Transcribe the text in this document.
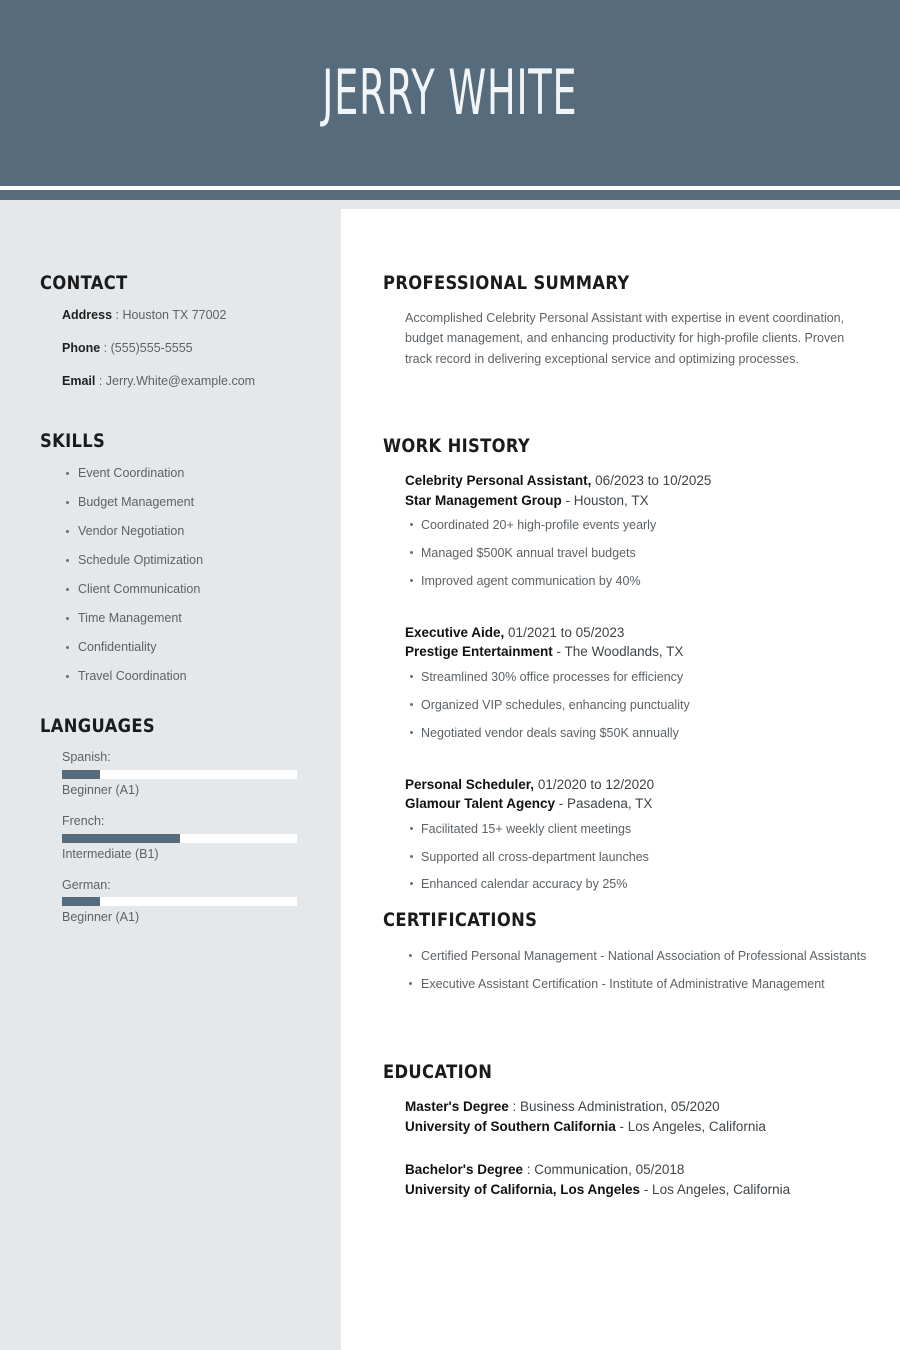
JERRY WHITE
CONTACT
Address : Houston TX 77002
Phone : (555)555-5555
Email : Jerry.White@example.com
SKILLS
Event Coordination
Budget Management
Vendor Negotiation
Schedule Optimization
Client Communication
Time Management
Confidentiality
Travel Coordination
LANGUAGES
Spanish:
Beginner (A1)
French:
Intermediate (B1)
German:
Beginner (A1)
PROFESSIONAL SUMMARY

Accomplished Celebrity Personal Assistant with expertise in event coordination, budget management, and enhancing productivity for high-profile clients. Proven track record in delivering exceptional service and optimizing processes.

WORK HISTORY
Celebrity Personal Assistant, 06/2023 to 10/2025
Star Management Group - Houston, TX
Coordinated 20+ high-profile events yearly
Managed $500K annual travel budgets
Improved agent communication by 40%
Executive Aide, 01/2021 to 05/2023
Prestige Entertainment - The Woodlands, TX
Streamlined 30% office processes for efficiency
Organized VIP schedules, enhancing punctuality
Negotiated vendor deals saving $50K annually
Personal Scheduler, 01/2020 to 12/2020
Glamour Talent Agency - Pasadena, TX
Facilitated 15+ weekly client meetings
Supported all cross-department launches
Enhanced calendar accuracy by 25%
CERTIFICATIONS
Certified Personal Management - National Association of Professional Assistants
Executive Assistant Certification - Institute of Administrative Management
EDUCATION
Master's Degree : Business Administration, 05/2020
University of Southern California - Los Angeles, California
Bachelor's Degree : Communication, 05/2018
University of California, Los Angeles - Los Angeles, California
